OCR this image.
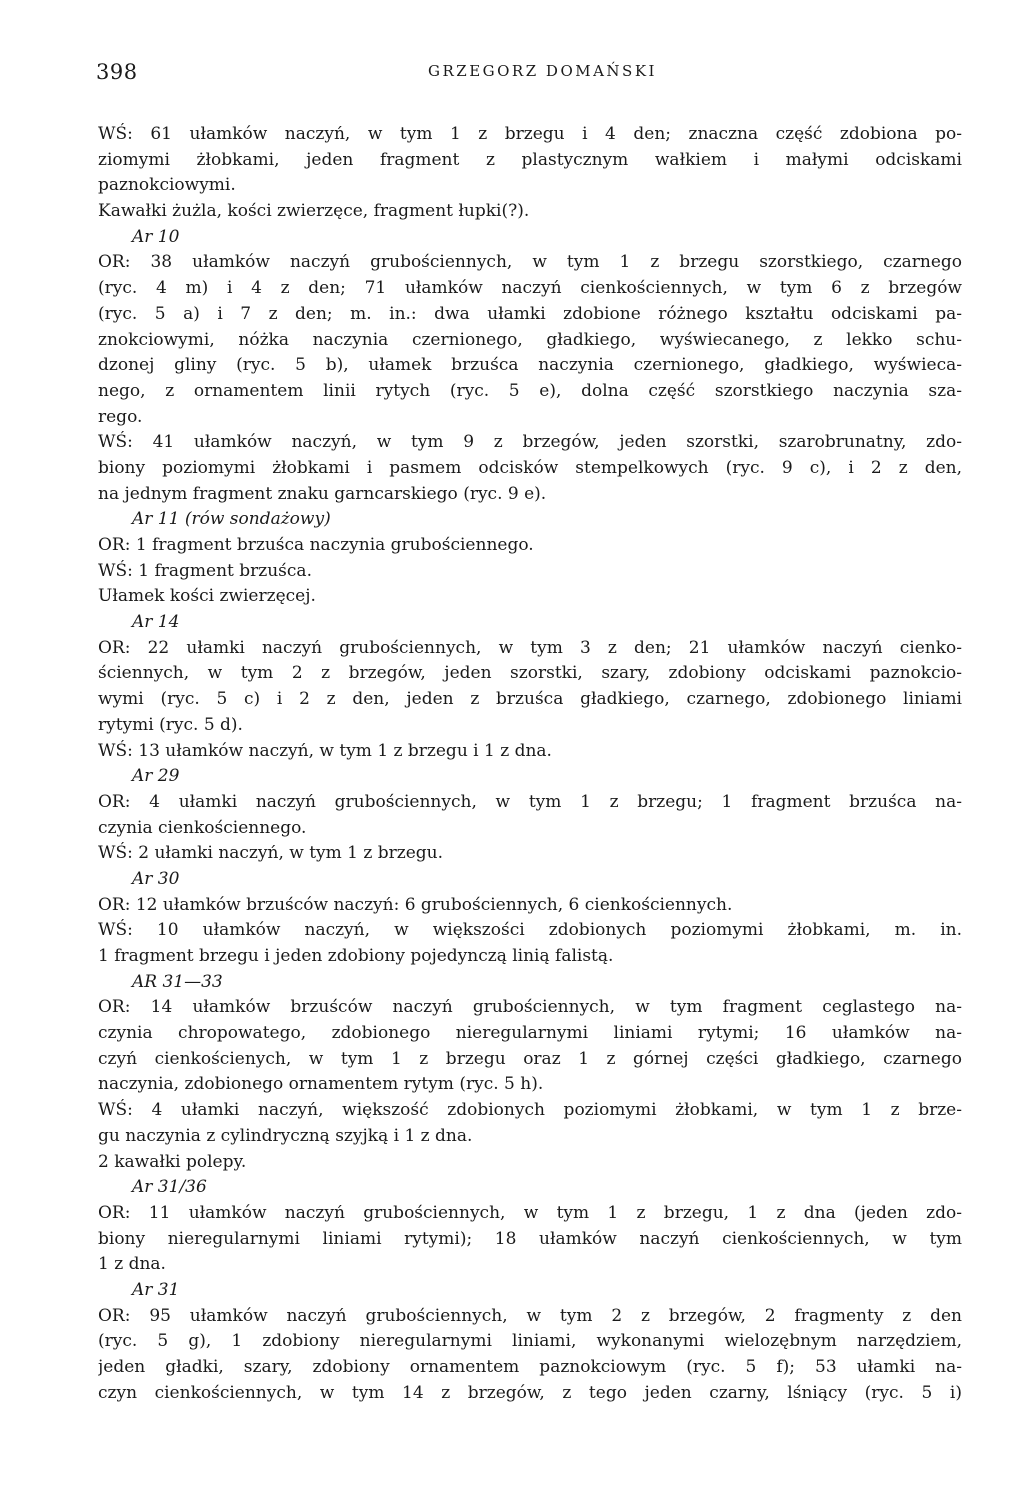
398	GRZEGORZ DOMAŃSKI
WŚ: 61 ułamków naczyń, w tym 1 z brzegu i 4 den; znaczna część zdobiona po-
ziomymi żłobkami, jeden fragment z plastycznym wałkiem i małymi odciskami
paznokciowymi.
Kawałki żużla, kości zwierzęce, fragment łupki(?).
Ar 10
OR: 38 ułamków naczyń grubościennych, w tym 1 z brzegu szorstkiego, czarnego
(ryc. 4 m) i 4 z den; 71 ułamków naczyń cienkościennych, w tym 6 z brzegów
(ryc. 5 a) i 7 z den; m. in.: dwa ułamki zdobione różnego kształtu odciskami pa-
znokciowymi, nóżka naczynia czernionego, gładkiego, wyświecanego, z lekko schu-
dzonej gliny (ryc. 5 b), ułamek brzuśca naczynia czernionego, gładkiego, wyświeca-
nego, z ornamentem linii rytych (ryc. 5 e), dolna część szorstkiego naczynia sza-
rego.
WŚ: 41 ułamków naczyń, w tym 9 z brzegów, jeden szorstki, szarobrunatny, zdo-
biony poziomymi żłobkami i pasmem odcisków stempelkowych (ryc. 9 c), i 2 z den,
na jednym fragment znaku garncarskiego (ryc. 9 e).
Ar 11 (rów sondażowy)
OR: 1 fragment brzuśca naczynia grubościennego.
WŚ: 1 fragment brzuśca.
Ułamek kości zwierzęcej.
Ar 14
OR: 22 ułamki naczyń grubościennych, w tym 3 z den; 21 ułamków naczyń cienko-
ściennych, w tym 2 z brzegów, jeden szorstki, szary, zdobiony odciskami paznokcio-
wymi (ryc. 5 c) i 2 z den, jeden z brzuśca gładkiego, czarnego, zdobionego liniami
rytymi (ryc. 5 d).
WŚ: 13 ułamków naczyń, w tym 1 z brzegu i 1 z dna.
Ar 29
OR: 4 ułamki naczyń grubościennych, w tym 1 z brzegu; 1 fragment brzuśca na-
czynia cienkościennego.
WŚ: 2 ułamki naczyń, w tym 1 z brzegu.
Ar 30
OR: 12 ułamków brzuśców naczyń: 6 grubościennych, 6 cienkościennych.
WŚ: 10 ułamków naczyń, w większości zdobionych poziomymi żłobkami, m. in.
1 fragment brzegu i jeden zdobiony pojedynczą linią falistą.
AR 31—33
OR: 14 ułamków brzuśców naczyń grubościennych, w tym fragment ceglastego na-
czynia chropowatego, zdobionego nieregularnymi liniami rytymi; 16 ułamków na-
czyń cienkościenych, w tym 1 z brzegu oraz 1 z górnej części gładkiego, czarnego
naczynia, zdobionego ornamentem rytym (ryc. 5 h).
WŚ: 4 ułamki naczyń, większość zdobionych poziomymi żłobkami, w tym 1 z brze-
gu naczynia z cylindryczną szyjką i 1 z dna.
2 kawałki polepy.
Ar 31/36
OR: 11 ułamków naczyń grubościennych, w tym 1 z brzegu, 1 z dna (jeden zdo-
biony nieregularnymi liniami rytymi); 18 ułamków naczyń cienkościennych, w tym
1 z dna.
Ar 31
OR: 95 ułamków naczyń grubościennych, w tym 2 z brzegów, 2 fragmenty z den
(ryc. 5 g), 1 zdobiony nieregularnymi liniami, wykonanymi wielozębnym narzędziem,
jeden gładki, szary, zdobiony ornamentem paznokciowym (ryc. 5 f); 53 ułamki na-
czyn cienkościennych, w tym 14 z brzegów, z tego jeden czarny, lśniący (ryc. 5 i)
